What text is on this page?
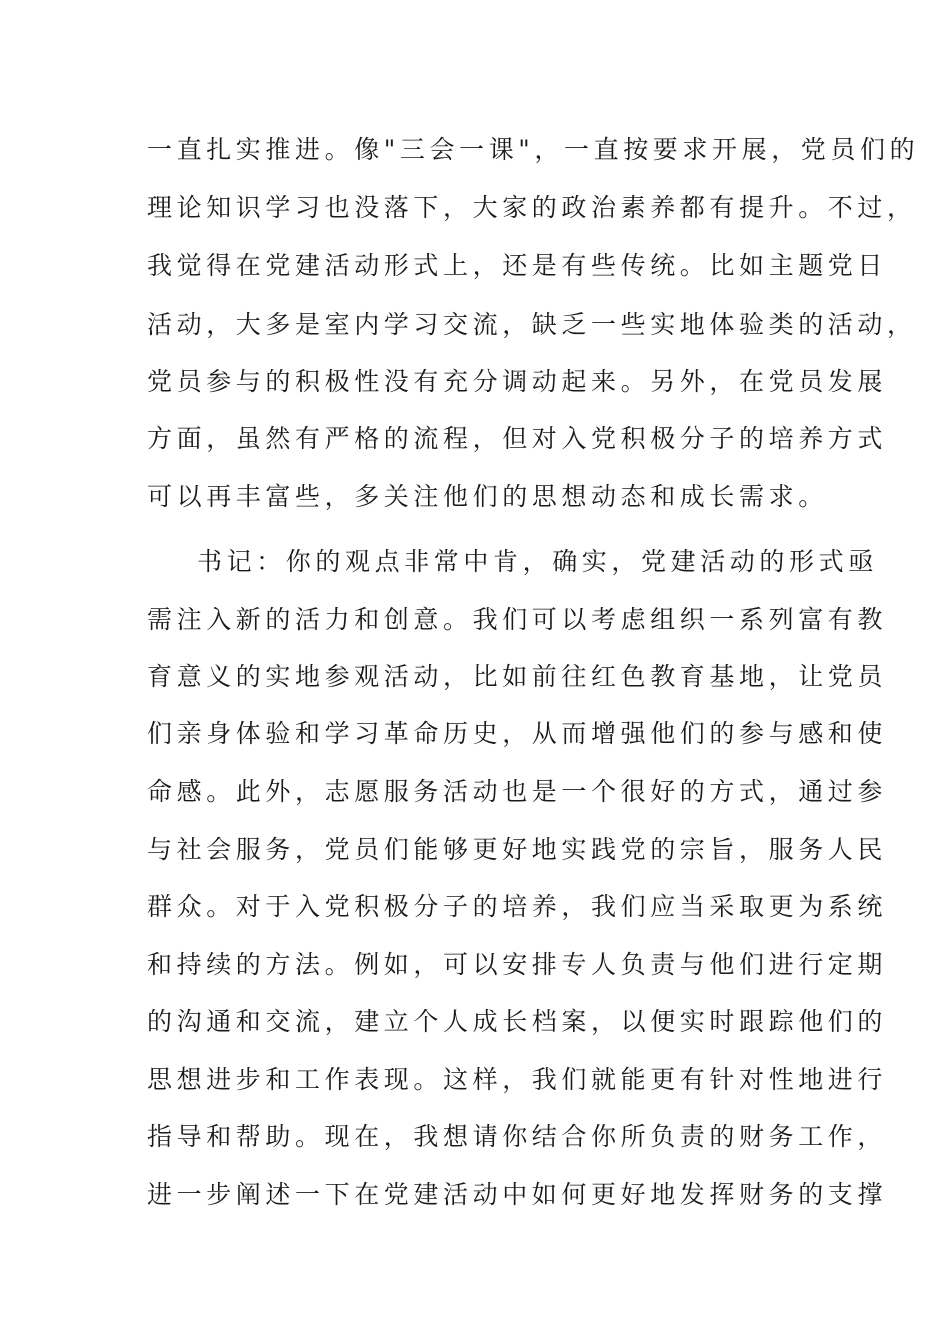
一直扎实推进。像"三会一课"，一直按要求开展，党员们的
理论知识学习也没落下，大家的政治素养都有提升。不过，
我觉得在党建活动形式上，还是有些传统。比如主题党日
活动，大多是室内学习交流，缺乏一些实地体验类的活动，
党员参与的积极性没有充分调动起来。另外，在党员发展
方面，虽然有严格的流程，但对入党积极分子的培养方式
可以再丰富些，多关注他们的思想动态和成长需求。
书记：你的观点非常中肯，确实，党建活动的形式亟
需注入新的活力和创意。我们可以考虑组织一系列富有教
育意义的实地参观活动，比如前往红色教育基地，让党员
们亲身体验和学习革命历史，从而增强他们的参与感和使
命感。此外，志愿服务活动也是一个很好的方式，通过参
与社会服务，党员们能够更好地实践党的宗旨，服务人民
群众。对于入党积极分子的培养，我们应当采取更为系统
和持续的方法。例如，可以安排专人负责与他们进行定期
的沟通和交流，建立个人成长档案，以便实时跟踪他们的
思想进步和工作表现。这样，我们就能更有针对性地进行
指导和帮助。现在，我想请你结合你所负责的财务工作，
进一步阐述一下在党建活动中如何更好地发挥财务的支撑
